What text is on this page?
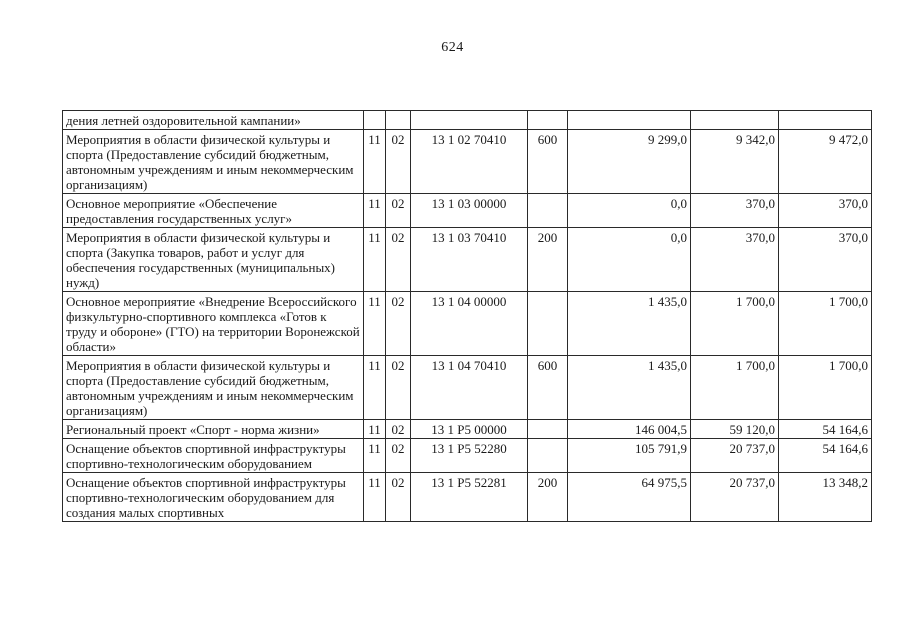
624
дения летней оздоровительной кампании»							
Мероприятия в области физической культуры и спорта (Предоставление субсидий бюджетным, автономным учреждениям и иным некоммерческим организациям)	11	02	13 1 02 70410	600	9 299,0	9 342,0	9 472,0
Основное мероприятие «Обеспечение предоставления государственных услуг»	11	02	13 1 03 00000		0,0	370,0	370,0
Мероприятия в области физической культуры и спорта (Закупка товаров, работ и услуг для обеспечения государственных (муниципальных) нужд)	11	02	13 1 03 70410	200	0,0	370,0	370,0
Основное мероприятие «Внедрение Всероссийского физкультурно-спортивного комплекса «Готов к труду и обороне» (ГТО) на территории Воронежской области»	11	02	13 1 04 00000		1 435,0	1 700,0	1 700,0
Мероприятия в области физической культуры и спорта (Предоставление субсидий бюджетным, автономным учреждениям и иным некоммерческим организациям)	11	02	13 1 04 70410	600	1 435,0	1 700,0	1 700,0
Региональный проект «Спорт - норма жизни»	11	02	13 1 P5 00000		146 004,5	59 120,0	54 164,6
Оснащение объектов спортивной инфраструктуры спортивно-технологическим оборудованием	11	02	13 1 P5 52280		105 791,9	20 737,0	54 164,6
Оснащение объектов спортивной инфраструктуры спортивно-технологическим оборудованием для создания малых спортивных	11	02	13 1 P5 52281	200	64 975,5	20 737,0	13 348,2
